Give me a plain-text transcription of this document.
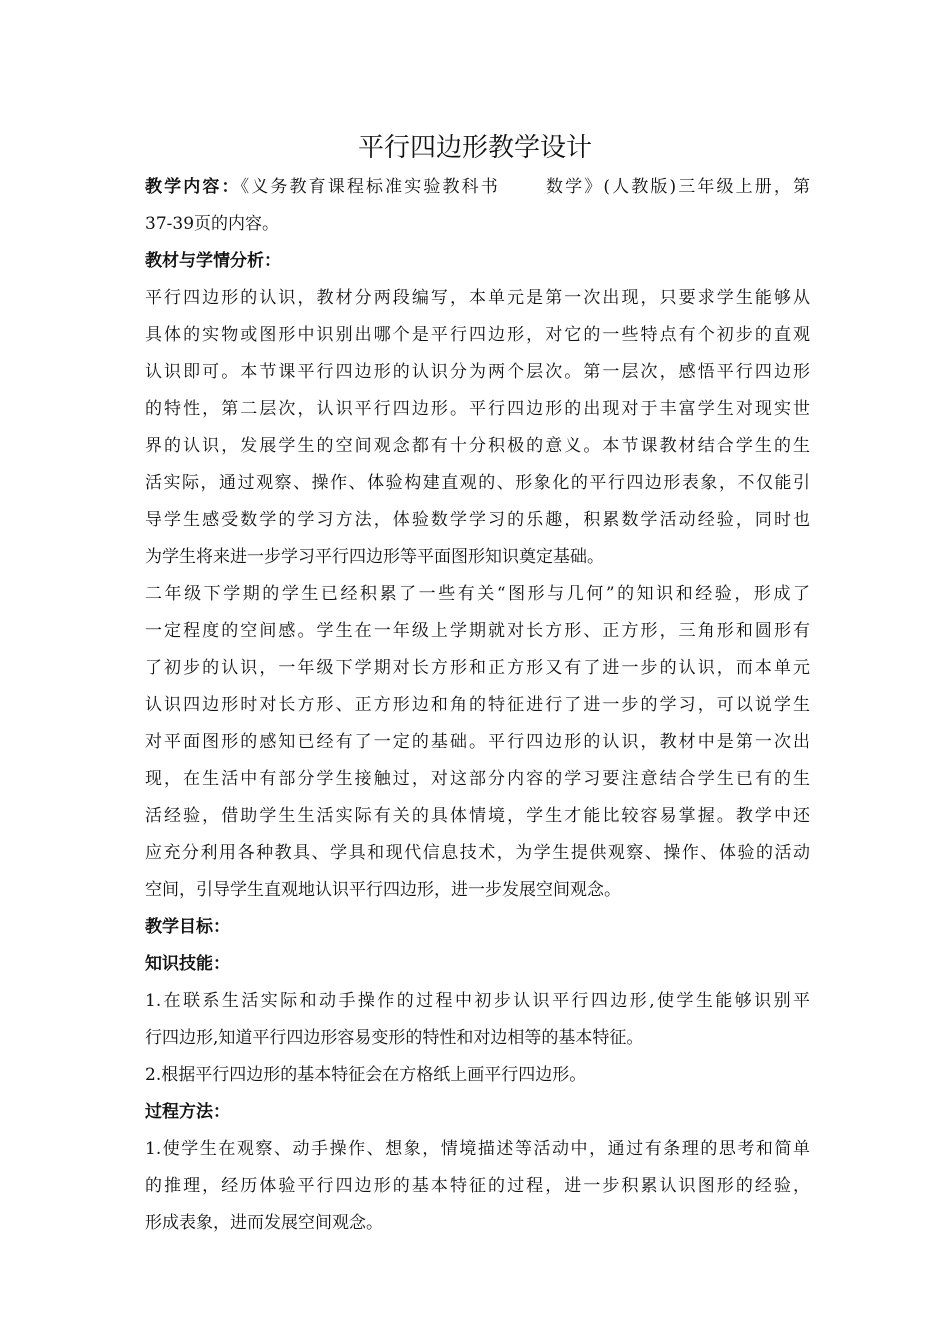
平行四边形教学设计
教学内容：《义务教育课程标准实验教科书	数学》(人教版)三年级上册，第
37-39页的内容。
教材与学情分析：
平行四边形的认识，教材分两段编写，本单元是第一次出现，只要求学生能够从
具体的实物或图形中识别出哪个是平行四边形，对它的一些特点有个初步的直观
认识即可。本节课平行四边形的认识分为两个层次。第一层次，感悟平行四边形
的特性，第二层次，认识平行四边形。平行四边形的出现对于丰富学生对现实世
界的认识，发展学生的空间观念都有十分积极的意义。本节课教材结合学生的生
活实际，通过观察、操作、体验构建直观的、形象化的平行四边形表象，不仅能引
导学生感受数学的学习方法，体验数学学习的乐趣，积累数学活动经验，同时也
为学生将来进一步学习平行四边形等平面图形知识奠定基础。
二年级下学期的学生已经积累了一些有关“图形与几何”的知识和经验，形成了
一定程度的空间感。学生在一年级上学期就对长方形、正方形，三角形和圆形有
了初步的认识，一年级下学期对长方形和正方形又有了进一步的认识，而本单元
认识四边形时对长方形、正方形边和角的特征进行了进一步的学习，可以说学生
对平面图形的感知已经有了一定的基础。平行四边形的认识，教材中是第一次出
现，在生活中有部分学生接触过，对这部分内容的学习要注意结合学生已有的生
活经验，借助学生生活实际有关的具体情境，学生才能比较容易掌握。教学中还
应充分利用各种教具、学具和现代信息技术，为学生提供观察、操作、体验的活动
空间，引导学生直观地认识平行四边形，进一步发展空间观念。
教学目标：
知识技能：
1.在联系生活实际和动手操作的过程中初步认识平行四边形,使学生能够识别平
行四边形,知道平行四边形容易变形的特性和对边相等的基本特征。
2.根据平行四边形的基本特征会在方格纸上画平行四边形。
过程方法：
1.使学生在观察、动手操作、想象，情境描述等活动中，通过有条理的思考和简单
的推理，经历体验平行四边形的基本特征的过程，进一步积累认识图形的经验，
形成表象，进而发展空间观念。
